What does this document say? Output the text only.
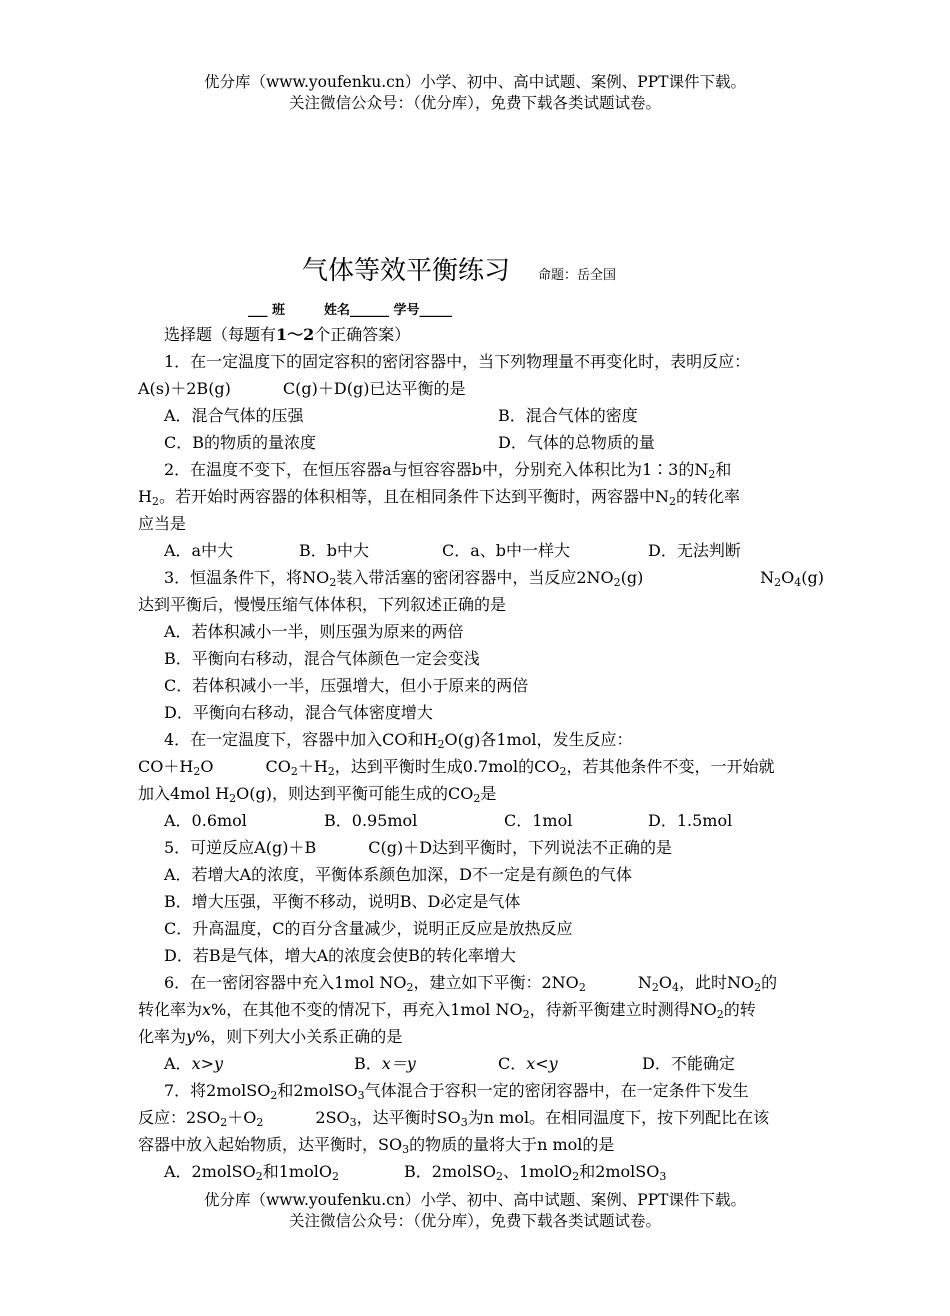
优分库（www.youfenku.cn）小学、初中、高中试题、案例、PPT课件下载。
关注微信公众号：（优分库），免费下载各类试题试卷。
气体等效平衡练习 命题：岳全国
___ 班　　　姓名______ 学号_____
选择题（每题有1～2个正确答案）
1．在一定温度下的固定容积的密闭容器中，当下列物理量不再变化时，表明反应：
A(s)＋2B(g)	C(g)＋D(g)已达平衡的是
A．混合气体的压强	B．混合气体的密度
C．B的物质的量浓度	D．气体的总物质的量
2．在温度不变下，在恒压容器a与恒容容器b中，分别充入体积比为1∶3的$N_2$和
$H_2$。若开始时两容器的体积相等，且在相同条件下达到平衡时，两容器中$N_2$的转化率
应当是
A．a中大	B．b中大	C．a、b中一样大	D．无法判断
3．恒温条件下，将$NO_2$装入带活塞的密闭容器中，当反应$2NO_2(g)$	$N_2O_4(g)$
达到平衡后，慢慢压缩气体体积，下列叙述正确的是
A．若体积减小一半，则压强为原来的两倍
B．平衡向右移动，混合气体颜色一定会变浅
C．若体积减小一半，压强增大，但小于原来的两倍
D．平衡向右移动，混合气体密度增大
4．在一定温度下，容器中加入CO和$H_2O(g)$各1mol，发生反应：
$CO+H_2O$	$CO_2+H_2$，达到平衡时生成0.7mol的$CO_2$，若其他条件不变，一开始就
加入4mol $H_2O(g)$，则达到平衡可能生成的$CO_2$是
A．0.6mol	B．0.95mol	C．1mol	D．1.5mol
5．可逆反应A(g)＋B	C(g)＋D达到平衡时，下列说法不正确的是
A．若增大A的浓度，平衡体系颜色加深，D不一定是有颜色的气体
B．增大压强，平衡不移动，说明B、D必定是气体
C．升高温度，C的百分含量减少，说明正反应是放热反应
D．若B是气体，增大A的浓度会使B的转化率增大
6．在一密闭容器中充入1mol $NO_2$，建立如下平衡：$2NO_2$	$N_2O_4$，此时$NO_2$的
转化率为x%，在其他不变的情况下，再充入1mol $NO_2$，待新平衡建立时测得$NO_2$的转
化率为y%，则下列大小关系正确的是
A．x>y	B．x＝y	C．x<y	D．不能确定
7．将2molSO$_2$和2molSO$_3$气体混合于容积一定的密闭容器中，在一定条件下发生
反应：$2SO_2+O_2$	$2SO_3$，达平衡时$SO_3$为n mol。在相同温度下，按下列配比在该
容器中放入起始物质，达平衡时，$SO_3$的物质的量将大于n mol的是
A．2molSO$_2$和1molO$_2$	B．2molSO$_2$、1molO$_2$和2molSO$_3$
优分库（www.youfenku.cn）小学、初中、高中试题、案例、PPT课件下载。
关注微信公众号：（优分库），免费下载各类试题试卷。
